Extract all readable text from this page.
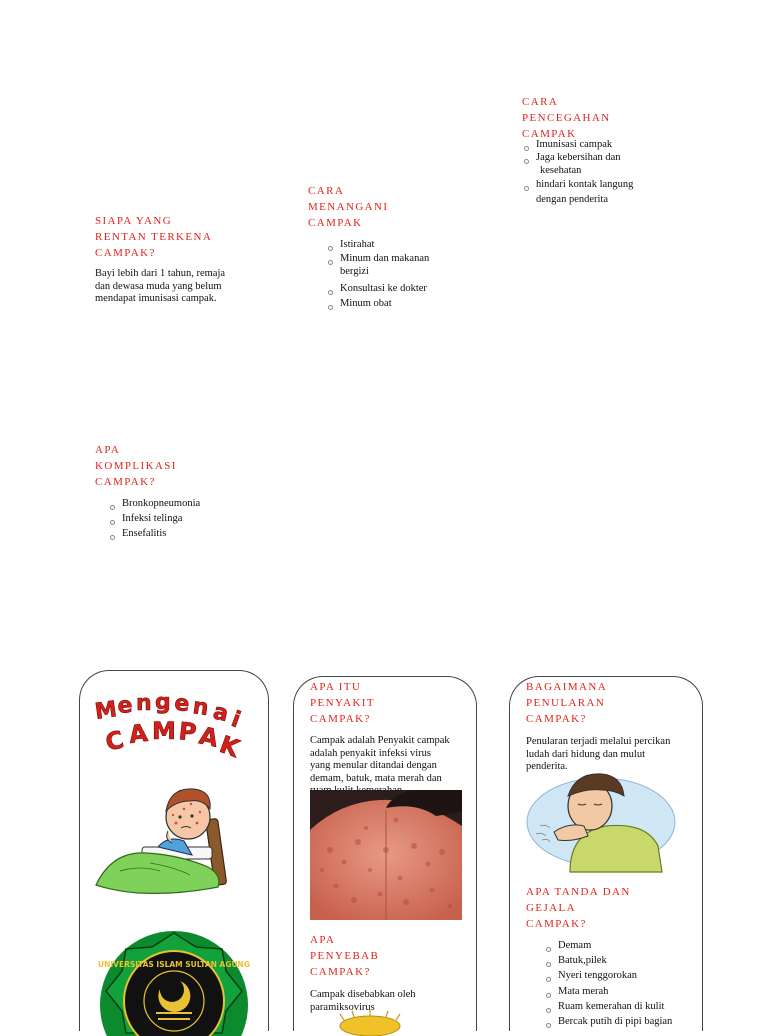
CARA
PENCEGAHAN
CAMPAK
Imunisasi campak
Jaga kebersihan dan
kesehatan
hindari kontak langung
dengan penderita
CARA
MENANGANI
CAMPAK
Istirahat
Minum dan makanan
bergizi
Konsultasi ke dokter
Minum obat
SIAPA YANG
RENTAN TERKENA
CAMPAK?
Bayi lebih dari 1 tahun, remaja
dan dewasa muda yang belum
mendapat imunisasi campak.
APA
KOMPLIKASI
CAMPAK?
Bronkopneumonia
Infeksi telinga
Ensefalitis
M
e n g e n a
i
C A M P
A
K
UNIVERSITAS ISLAM SULTAN AGUNG
APA ITU
PENYAKIT
CAMPAK?
Campak adalah Penyakit campak
adalah penyakit infeksi virus
yang menular ditandai dengan
demam, batuk, mata merah dan
APA
PENYEBAB
CAMPAK?
Campak disebabkan oleh
paramiksovirus
BAGAIMANA
PENULARAN
CAMPAK?
Penularan terjadi melalui percikan
ludah dari hidung dan mulut
penderita.
APA TANDA DAN
GEJALA
CAMPAK?
Demam
Batuk,pilek
Nyeri tenggorokan
Mata merah
Ruam kemerahan di kulit
Bercak putih di pipi bagian
